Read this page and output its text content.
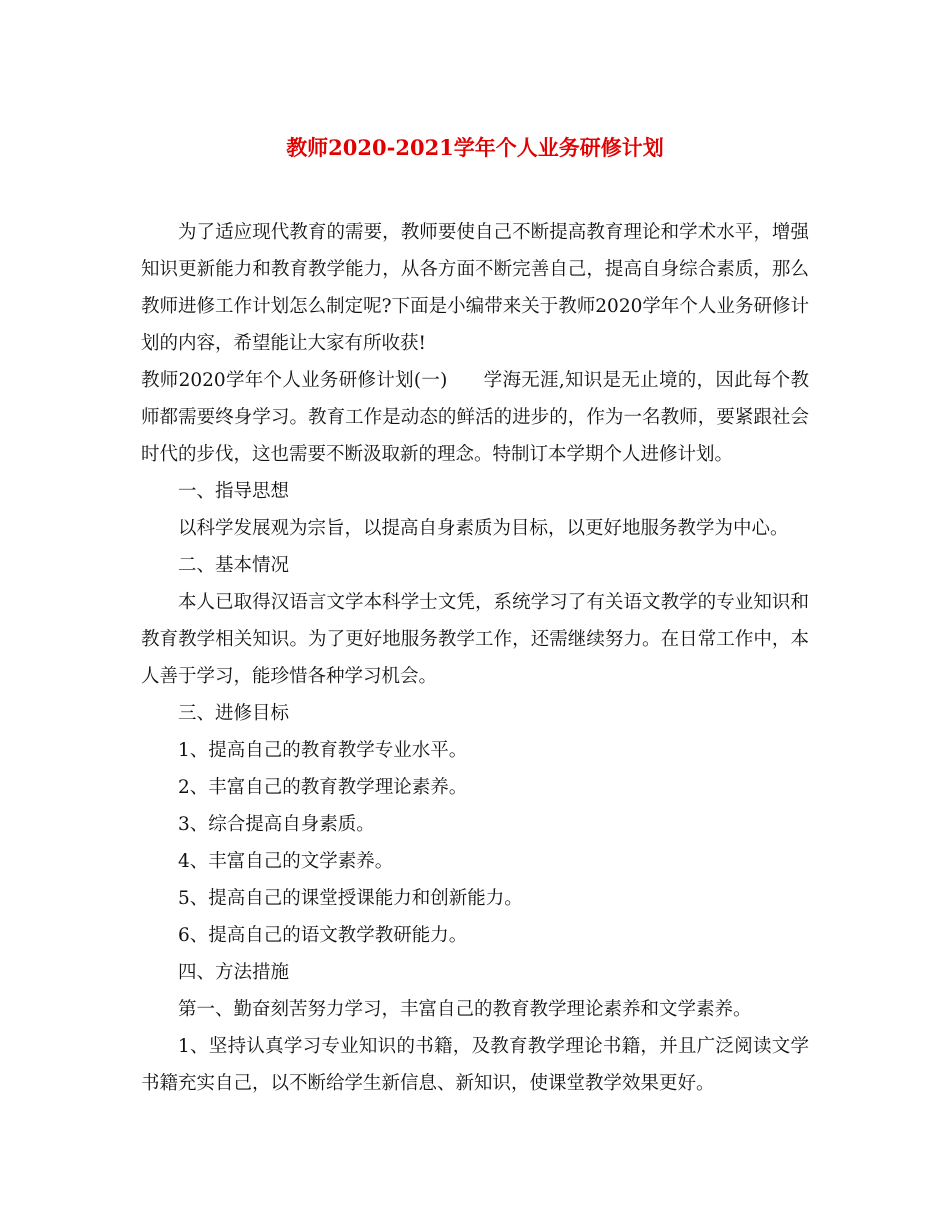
教师2020-2021学年个人业务研修计划

为了适应现代教育的需要，教师要使自己不断提高教育理论和学术水平，增强知识更新能力和教育教学能力，从各方面不断完善自己，提高自身综合素质，那么教师进修工作计划怎么制定呢?下面是小编带来关于教师2020学年个人业务研修计划的内容，希望能让大家有所收获!

教师2020学年个人业务研修计划(一) 学海无涯,知识是无止境的，因此每个教师都需要终身学习。教育工作是动态的鲜活的进步的，作为一名教师，要紧跟社会时代的步伐，这也需要不断汲取新的理念。特制订本学期个人进修计划。

一、指导思想

以科学发展观为宗旨，以提高自身素质为目标，以更好地服务教学为中心。

二、基本情况

本人已取得汉语言文学本科学士文凭，系统学习了有关语文教学的专业知识和教育教学相关知识。为了更好地服务教学工作，还需继续努力。在日常工作中，本人善于学习，能珍惜各种学习机会。

三、进修目标

1、提高自己的教育教学专业水平。

2、丰富自己的教育教学理论素养。

3、综合提高自身素质。

4、丰富自己的文学素养。

5、提高自己的课堂授课能力和创新能力。

6、提高自己的语文教学教研能力。

四、方法措施

第一、勤奋刻苦努力学习，丰富自己的教育教学理论素养和文学素养。

1、坚持认真学习专业知识的书籍，及教育教学理论书籍，并且广泛阅读文学书籍充实自己，以不断给学生新信息、新知识，使课堂教学效果更好。
